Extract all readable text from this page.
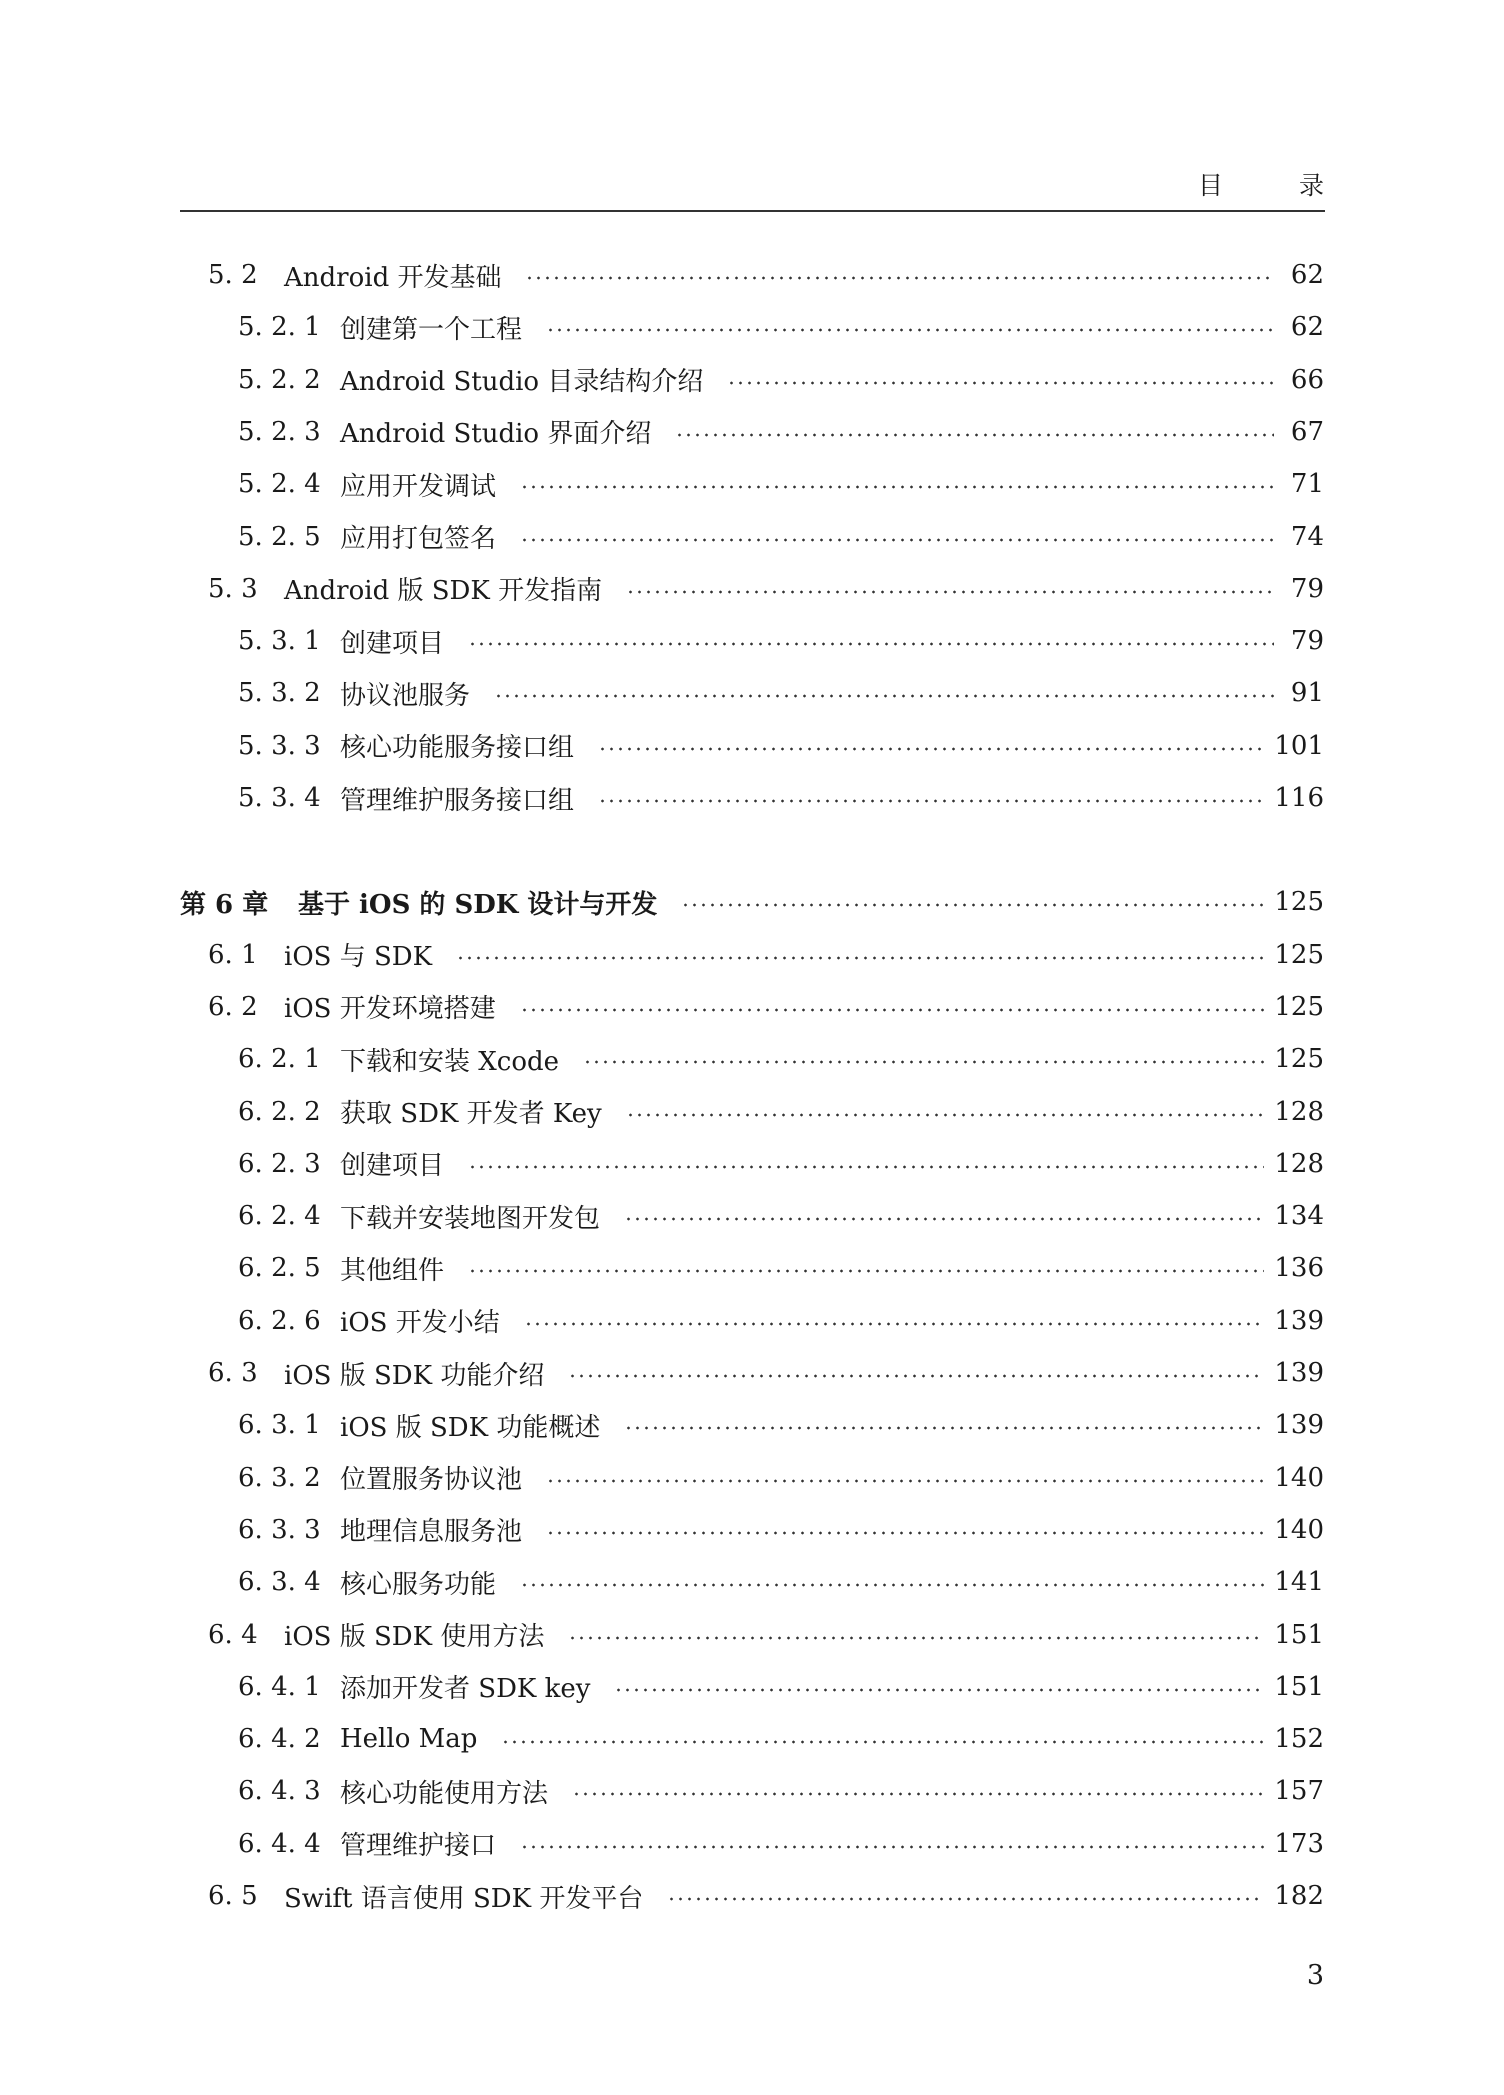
目 录
5. 2	Android 开发基础	62
5. 2. 1 创建第一个工程	62
5. 2. 2 Android Studio 目录结构介绍	66
5. 2. 3 Android Studio 界面介绍	67
5. 2. 4 应用开发调试	71
5. 2. 5 应用打包签名	74
5. 3	Android 版 SDK 开发指南	79
5. 3. 1 创建项目	79
5. 3. 2 协议池服务	91
5. 3. 3 核心功能服务接口组	101
5. 3. 4 管理维护服务接口组	116
第 6 章	基于 iOS 的 SDK 设计与开发	125
6. 1	iOS 与 SDK	125
6. 2	iOS 开发环境搭建	125
6. 2. 1 下载和安装 Xcode	125
6. 2. 2 获取 SDK 开发者 Key	128
6. 2. 3 创建项目	128
6. 2. 4 下载并安装地图开发包	134
6. 2. 5 其他组件	136
6. 2. 6 iOS 开发小结	139
6. 3	iOS 版 SDK 功能介绍	139
6. 3. 1 iOS 版 SDK 功能概述	139
6. 3. 2 位置服务协议池	140
6. 3. 3 地理信息服务池	140
6. 3. 4 核心服务功能	141
6. 4	iOS 版 SDK 使用方法	151
6. 4. 1 添加开发者 SDK key	151
6. 4. 2 Hello Map	152
6. 4. 3 核心功能使用方法	157
6. 4. 4 管理维护接口	173
6. 5	Swift 语言使用 SDK 开发平台	182
3
